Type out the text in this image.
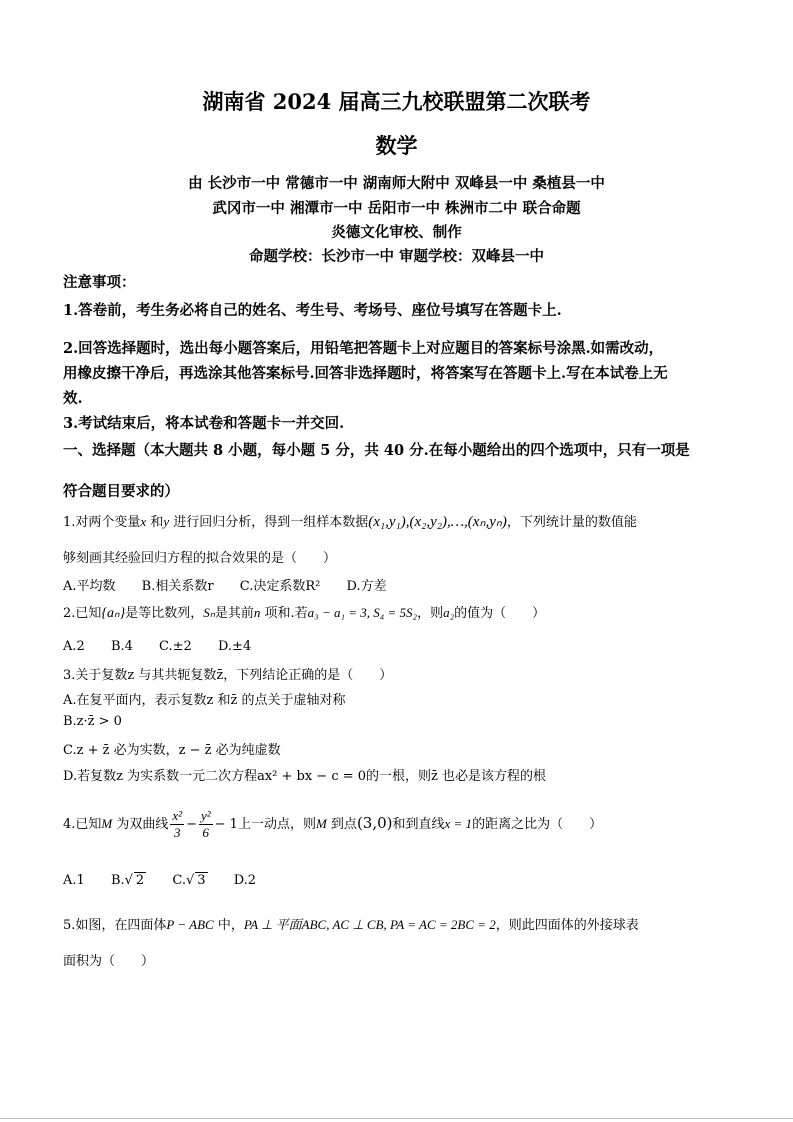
湖南省 2024 届高三九校联盟第二次联考
数学
由 长沙市一中 常德市一中 湖南师大附中 双峰县一中 桑植县一中
武冈市一中 湘潭市一中 岳阳市一中 株洲市二中 联合命题
炎德文化审校、制作
命题学校：长沙市一中 审题学校：双峰县一中
注意事项：
1.答卷前，考生务必将自己的姓名、考生号、考场号、座位号填写在答题卡上.
2.回答选择题时，选出每小题答案后，用铅笔把答题卡上对应题目的答案标号涂黑.如需改动，
用橡皮擦干净后，再选涂其他答案标号.回答非选择题时，将答案写在答题卡上.写在本试卷上无
效.
3.考试结束后，将本试卷和答题卡一并交回.
一、选择题（本大题共 8 小题，每小题 5 分，共 40 分.在每小题给出的四个选项中，只有一项是
符合题目要求的）
1.对两个变量x 和y 进行回归分析，得到一组样本数据(x₁,y₁),(x₂,y₂),…,(xₙ,yₙ)，下列统计量的数值能
够刻画其经验回归方程的拟合效果的是（　　）
A.平均数 B.相关系数r C.决定系数R² D.方差
2.已知{aₙ}是等比数列，Sₙ是其前n 项和.若a₃ − a₁ = 3, S₄ = 5S₂，则a₂的值为（　　）
A.2 B.4 C.±2 D.±4
3.关于复数z 与其共轭复数z̄，下列结论正确的是（　　）
A.在复平面内，表示复数z 和z̄ 的点关于虚轴对称
B.z·z̄ > 0
C.z + z̄ 必为实数，z − z̄ 必为纯虚数
D.若复数z 为实系数一元二次方程ax² + bx − c = 0的一根，则z̄ 也必是该方程的根
4.已知M 为双曲线 $\frac{\text{x²}}{3} - \frac{\text{y²}}{6} - 1$上一动点，则M 到点(3,0)和到直线x = 1的距离之比为（　　）
A.1 B.√ 2 C.√ 3 D.2
5.如图，在四面体P − ABC 中，PA ⊥ 平面ABC, AC ⊥ CB, PA = AC = 2BC = 2，则此四面体的外接球表
面积为（　　）
